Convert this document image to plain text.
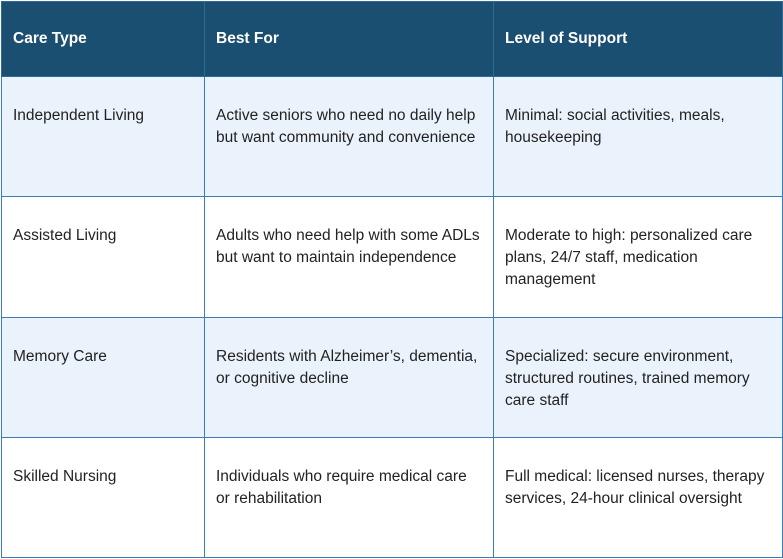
Care Type	Best For	Level of Support
Independent Living	Active seniors who need no daily help but want community and convenience	Minimal: social activities, meals, housekeeping
Assisted Living	Adults who need help with some ADLs but want to maintain independence	Moderate to high: personalized care plans, 24/7 staff, medication management
Memory Care	Residents with Alzheimer’s, dementia, or cognitive decline	Specialized: secure environment, structured routines, trained memory care staff
Skilled Nursing	Individuals who require medical care or rehabilitation	Full medical: licensed nurses, therapy services, 24-hour clinical oversight
